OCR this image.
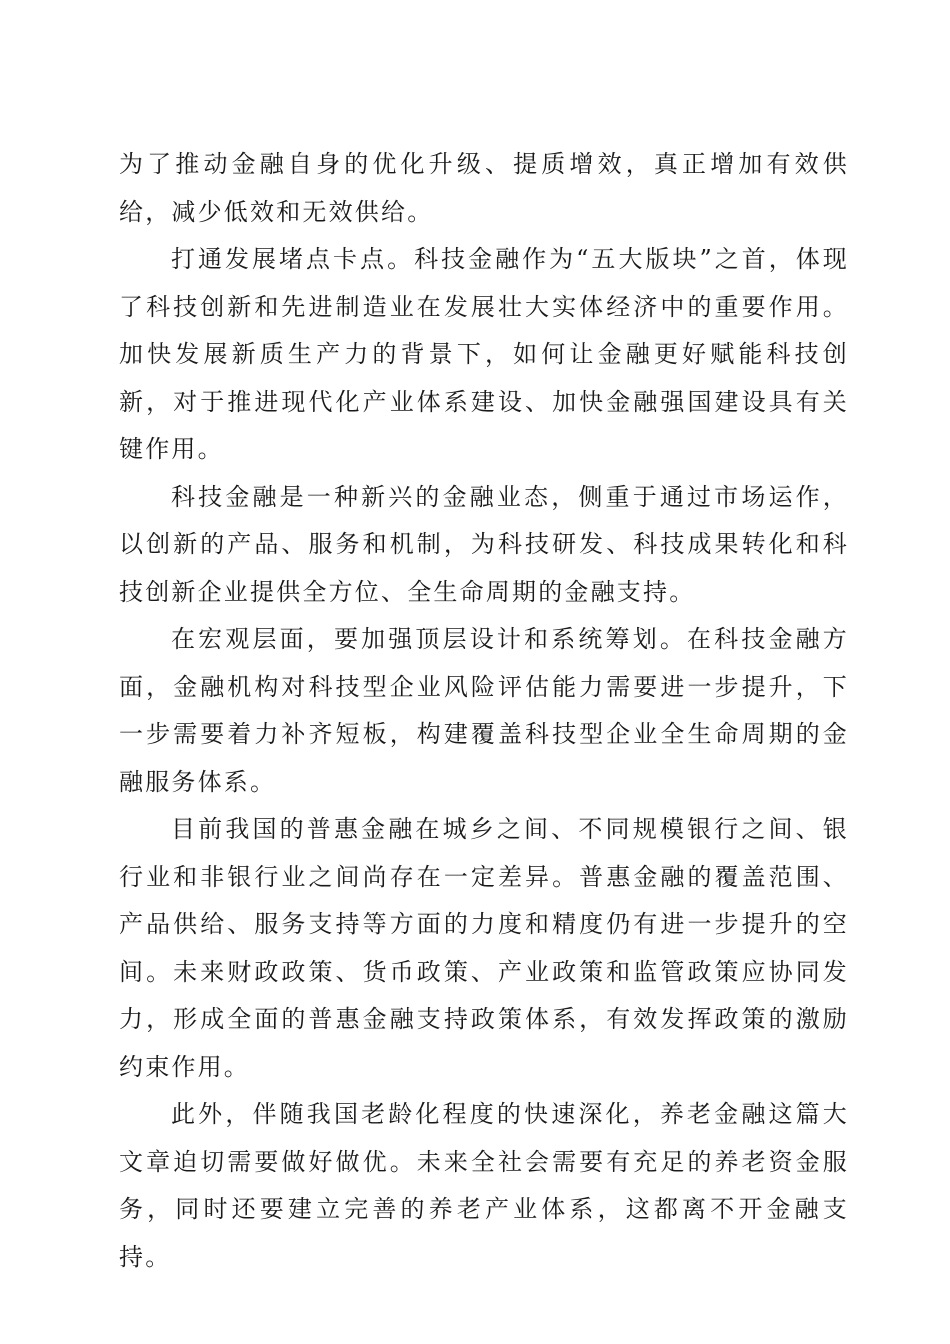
为了推动金融自身的优化升级、提质增效，真正增加有效供给，减少低效和无效供给。

打通发展堵点卡点。科技金融作为“五大版块”之首，体现了科技创新和先进制造业在发展壮大实体经济中的重要作用。加快发展新质生产力的背景下，如何让金融更好赋能科技创新，对于推进现代化产业体系建设、加快金融强国建设具有关键作用。

科技金融是一种新兴的金融业态，侧重于通过市场运作，以创新的产品、服务和机制，为科技研发、科技成果转化和科技创新企业提供全方位、全生命周期的金融支持。

在宏观层面，要加强顶层设计和系统筹划。在科技金融方面，金融机构对科技型企业风险评估能力需要进一步提升，下一步需要着力补齐短板，构建覆盖科技型企业全生命周期的金融服务体系。

目前我国的普惠金融在城乡之间、不同规模银行之间、银行业和非银行业之间尚存在一定差异。普惠金融的覆盖范围、产品供给、服务支持等方面的力度和精度仍有进一步提升的空间。未来财政政策、货币政策、产业政策和监管政策应协同发力，形成全面的普惠金融支持政策体系，有效发挥政策的激励约束作用。

此外，伴随我国老龄化程度的快速深化，养老金融这篇大文章迫切需要做好做优。未来全社会需要有充足的养老资金服务，同时还要建立完善的养老产业体系，这都离不开金融支持。
